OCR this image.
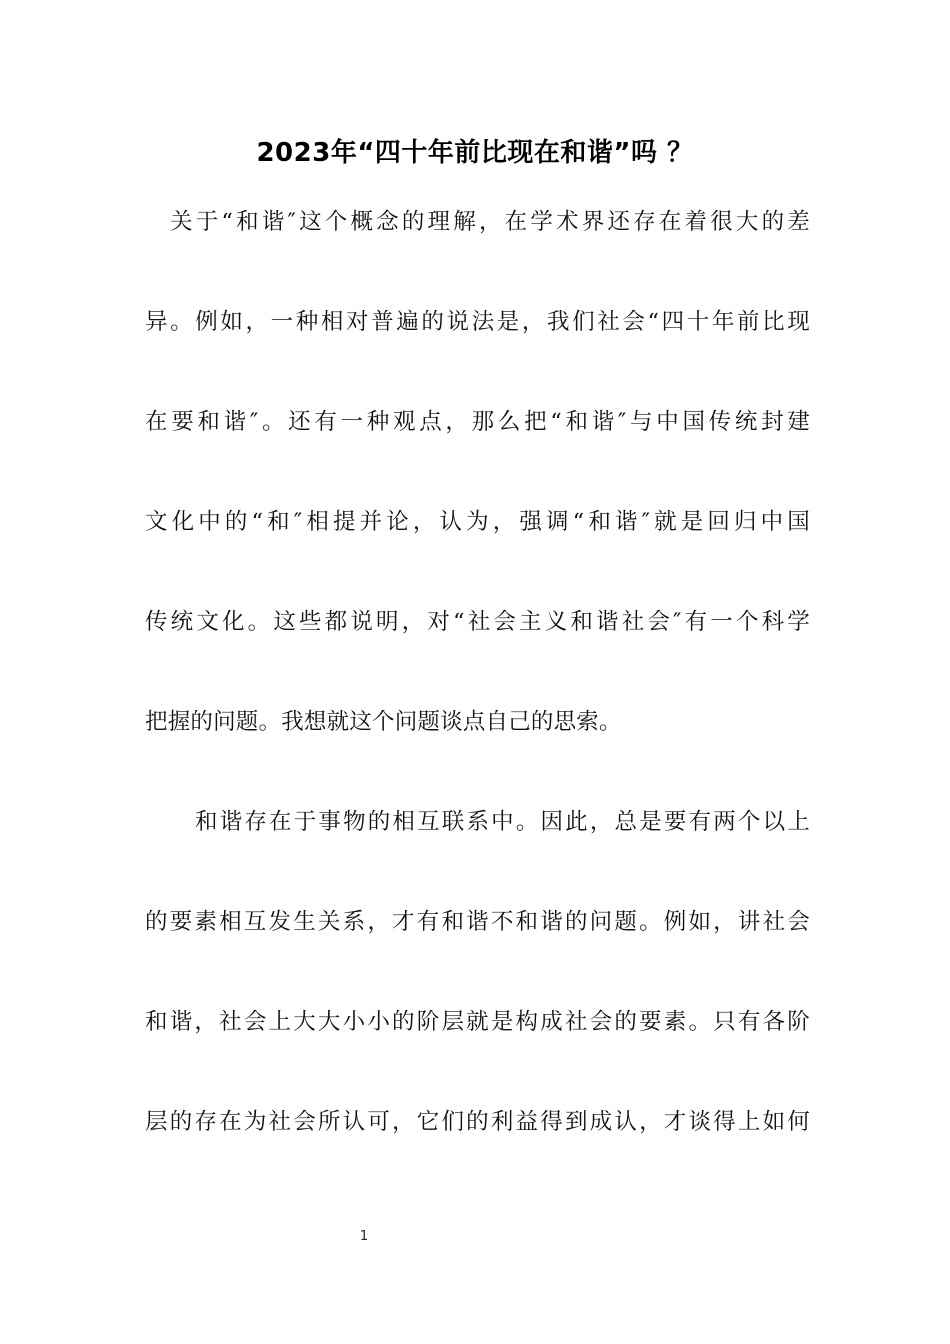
2023年“四十年前比现在和谐”吗 ？
关于“和谐″这个概念的理解，在学术界还存在着很大的差
异。例如，一种相对普遍的说法是，我们社会“四十年前比现
在要和谐″。还有一种观点，那么把“和谐″与中国传统封建
文化中的“和″相提并论，认为，强调“和谐″就是回归中国
传统文化。这些都说明，对“社会主义和谐社会″有一个科学
把握的问题。我想就这个问题谈点自己的思索。
和谐存在于事物的相互联系中。因此，总是要有两个以上
的要素相互发生关系，才有和谐不和谐的问题。例如，讲社会
和谐，社会上大大小小的阶层就是构成社会的要素。只有各阶
层的存在为社会所认可，它们的利益得到成认，才谈得上如何
1
